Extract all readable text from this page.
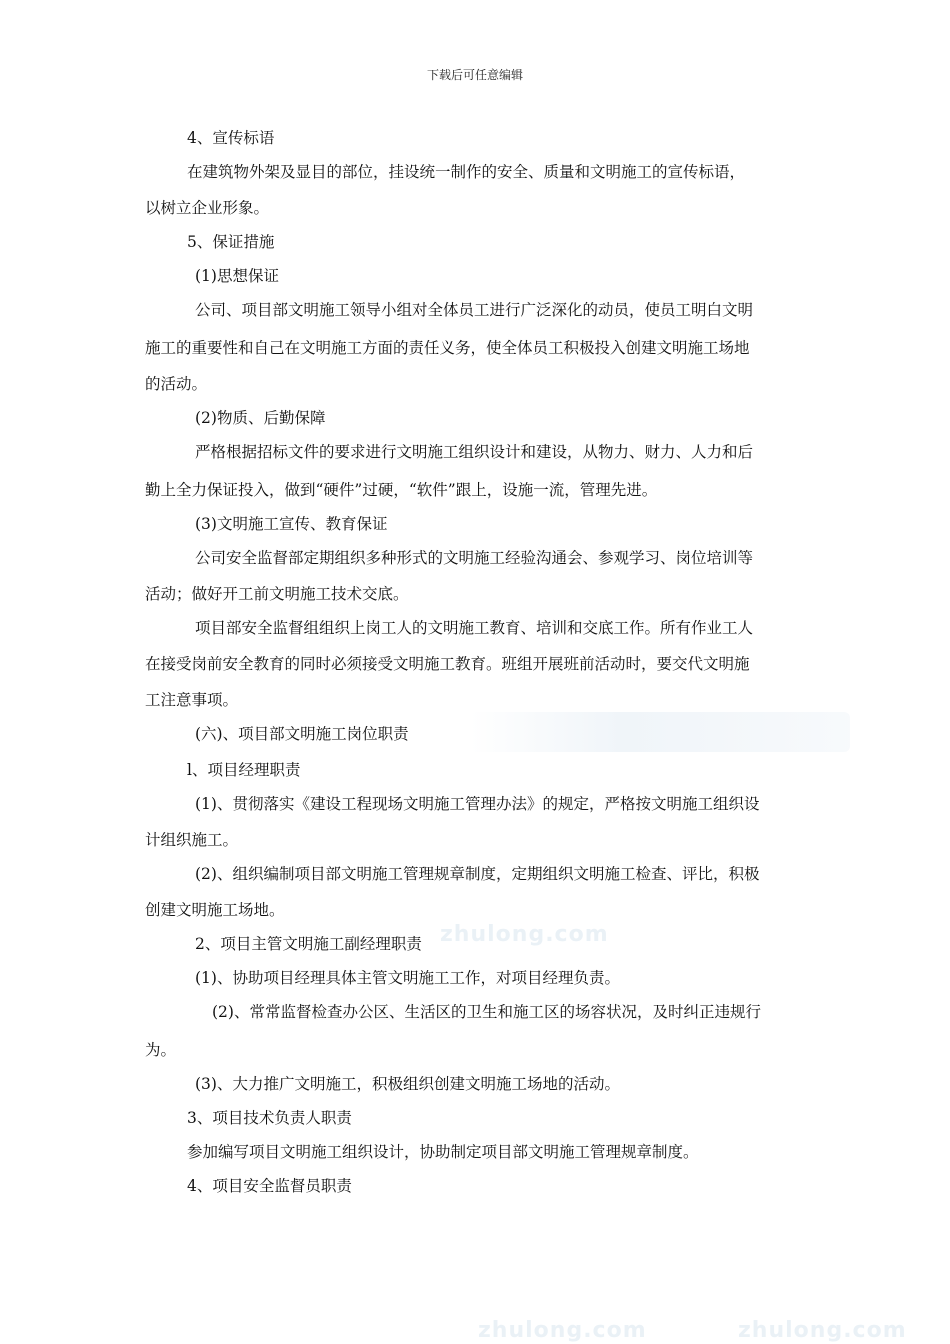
下载后可任意编辑
4、宣传标语
在建筑物外架及显目的部位，挂设统一制作的安全、质量和文明施工的宣传标语，
以树立企业形象。
5、保证措施
(1)思想保证
公司、项目部文明施工领导小组对全体员工进行广泛深化的动员，使员工明白文明
施工的重要性和自己在文明施工方面的责任义务，使全体员工积极投入创建文明施工场地
的活动。
(2)物质、后勤保障
严格根据招标文件的要求进行文明施工组织设计和建设，从物力、财力、人力和后
勤上全力保证投入，做到“硬件”过硬，“软件”跟上，设施一流，管理先进。
(3)文明施工宣传、教育保证
公司安全监督部定期组织多种形式的文明施工经验沟通会、参观学习、岗位培训等
活动；做好开工前文明施工技术交底。
项目部安全监督组组织上岗工人的文明施工教育、培训和交底工作。所有作业工人
在接受岗前安全教育的同时必须接受文明施工教育。班组开展班前活动时，要交代文明施
工注意事项。
(六)、项目部文明施工岗位职责
l、项目经理职责
(1)、贯彻落实《建设工程现场文明施工管理办法》的规定，严格按文明施工组织设
计组织施工。
(2)、组织编制项目部文明施工管理规章制度，定期组织文明施工检查、评比，积极
创建文明施工场地。
2、项目主管文明施工副经理职责
(1)、协助项目经理具体主管文明施工工作，对项目经理负责。
(2)、常常监督检查办公区、生活区的卫生和施工区的场容状况，及时纠正违规行
为。
(3)、大力推广文明施工，积极组织创建文明施工场地的活动。
3、项目技术负责人职责
参加编写项目文明施工组织设计，协助制定项目部文明施工管理规章制度。
4、项目安全监督员职责
zhulong.com
zhulong.com	zhulong.com
